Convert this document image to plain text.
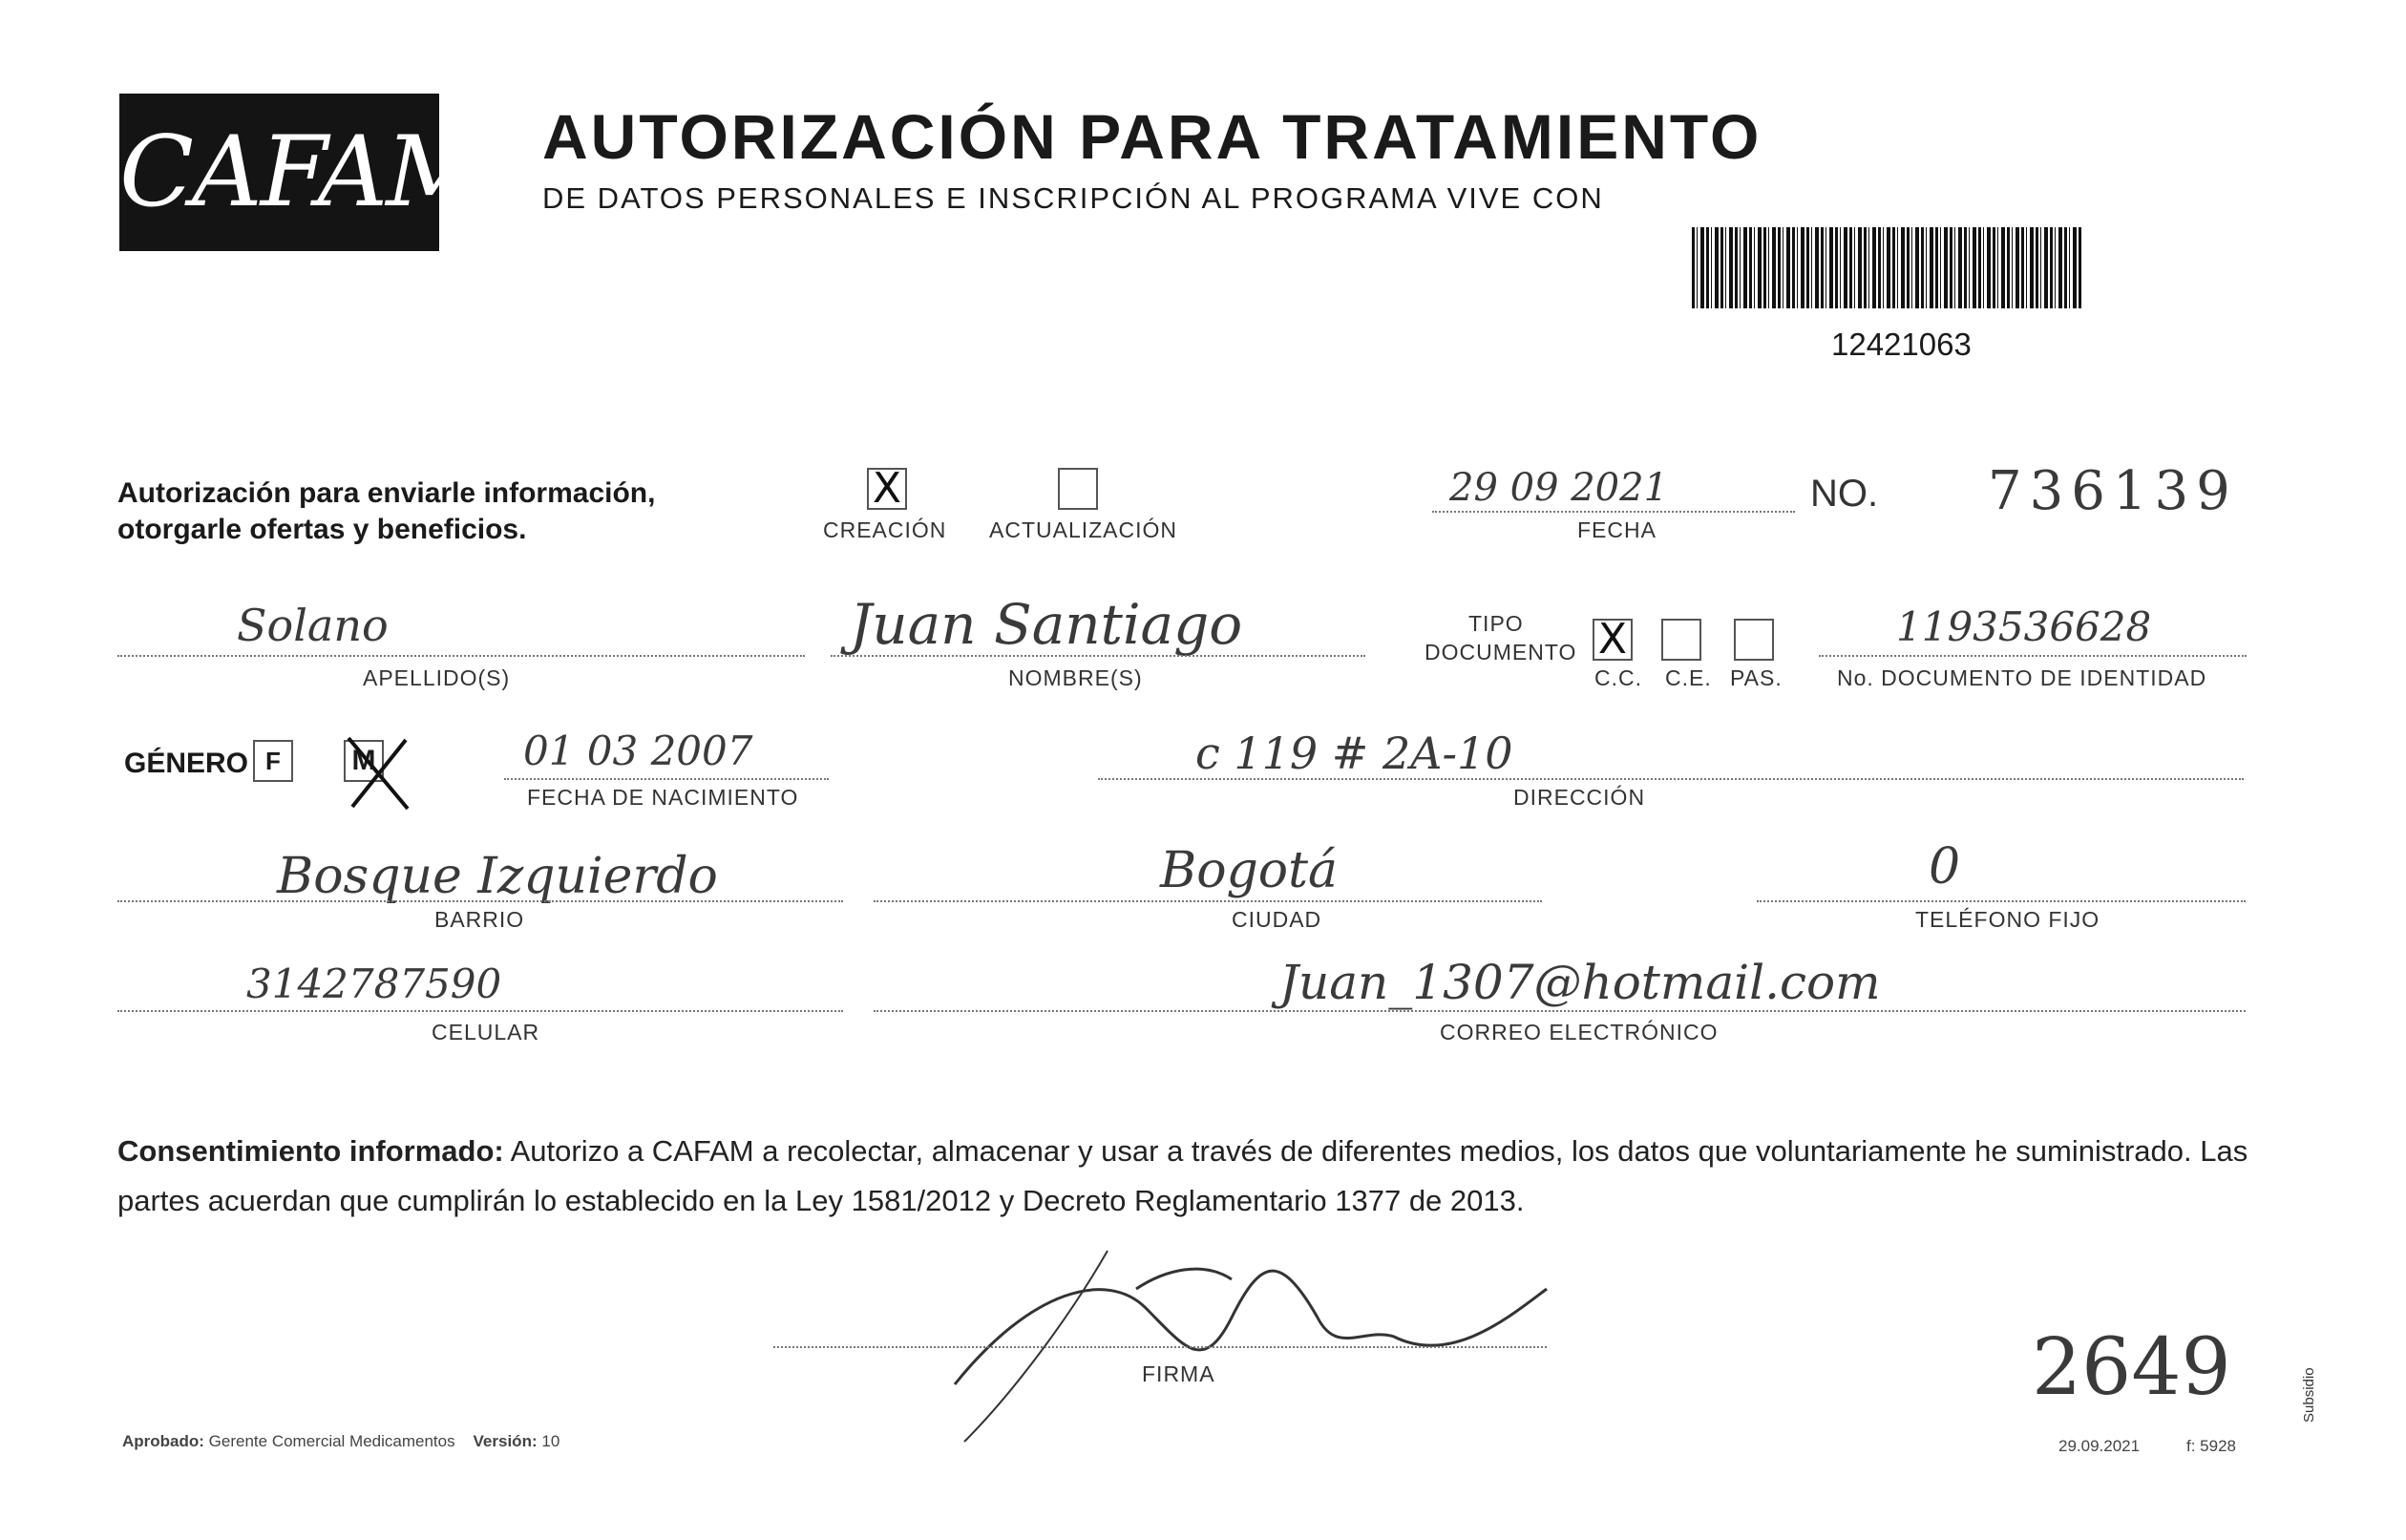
CAFAM AUTORIZACIÓN PARA TRATAMIENTO
DE DATOS PERSONALES E INSCRIPCIÓN AL PROGRAMA VIVE CON
12421063
Autorización para enviarle información,
otorgarle ofertas y beneficios.
X
CREACIÓN ACTUALIZACIÓN
29 09 2021
FECHA
NO. 736139
Solano
APELLIDO(S)
Juan Santiago
NOMBRE(S)
TIPO
DOCUMENTO X
C.C. C.E. PAS.
1193536628
No. DOCUMENTO DE IDENTIDAD
GÉNERO F	M	01 03 2007
FECHA DE NACIMIENTO
c 119 # 2A-10
DIRECCIÓN
Bosque Izquierdo
BARRIO
Bogotá
CIUDAD
0
TELÉFONO FIJO
3142787590
CELULAR
Juan_1307@hotmail.com
CORREO ELECTRÓNICO
Consentimiento informado: Autorizo a CAFAM a recolectar, almacenar y usar a través de diferentes medios, los datos que voluntariamente he suministrado. Las partes acuerdan que cumplirán lo establecido en la Ley 1581/2012 y Decreto Reglamentario 1377 de 2013.
FIRMA	2649
Aprobado: Gerente Comercial Medicamentos Versión: 10	29.09.2021	f: 5928
Subsidio
